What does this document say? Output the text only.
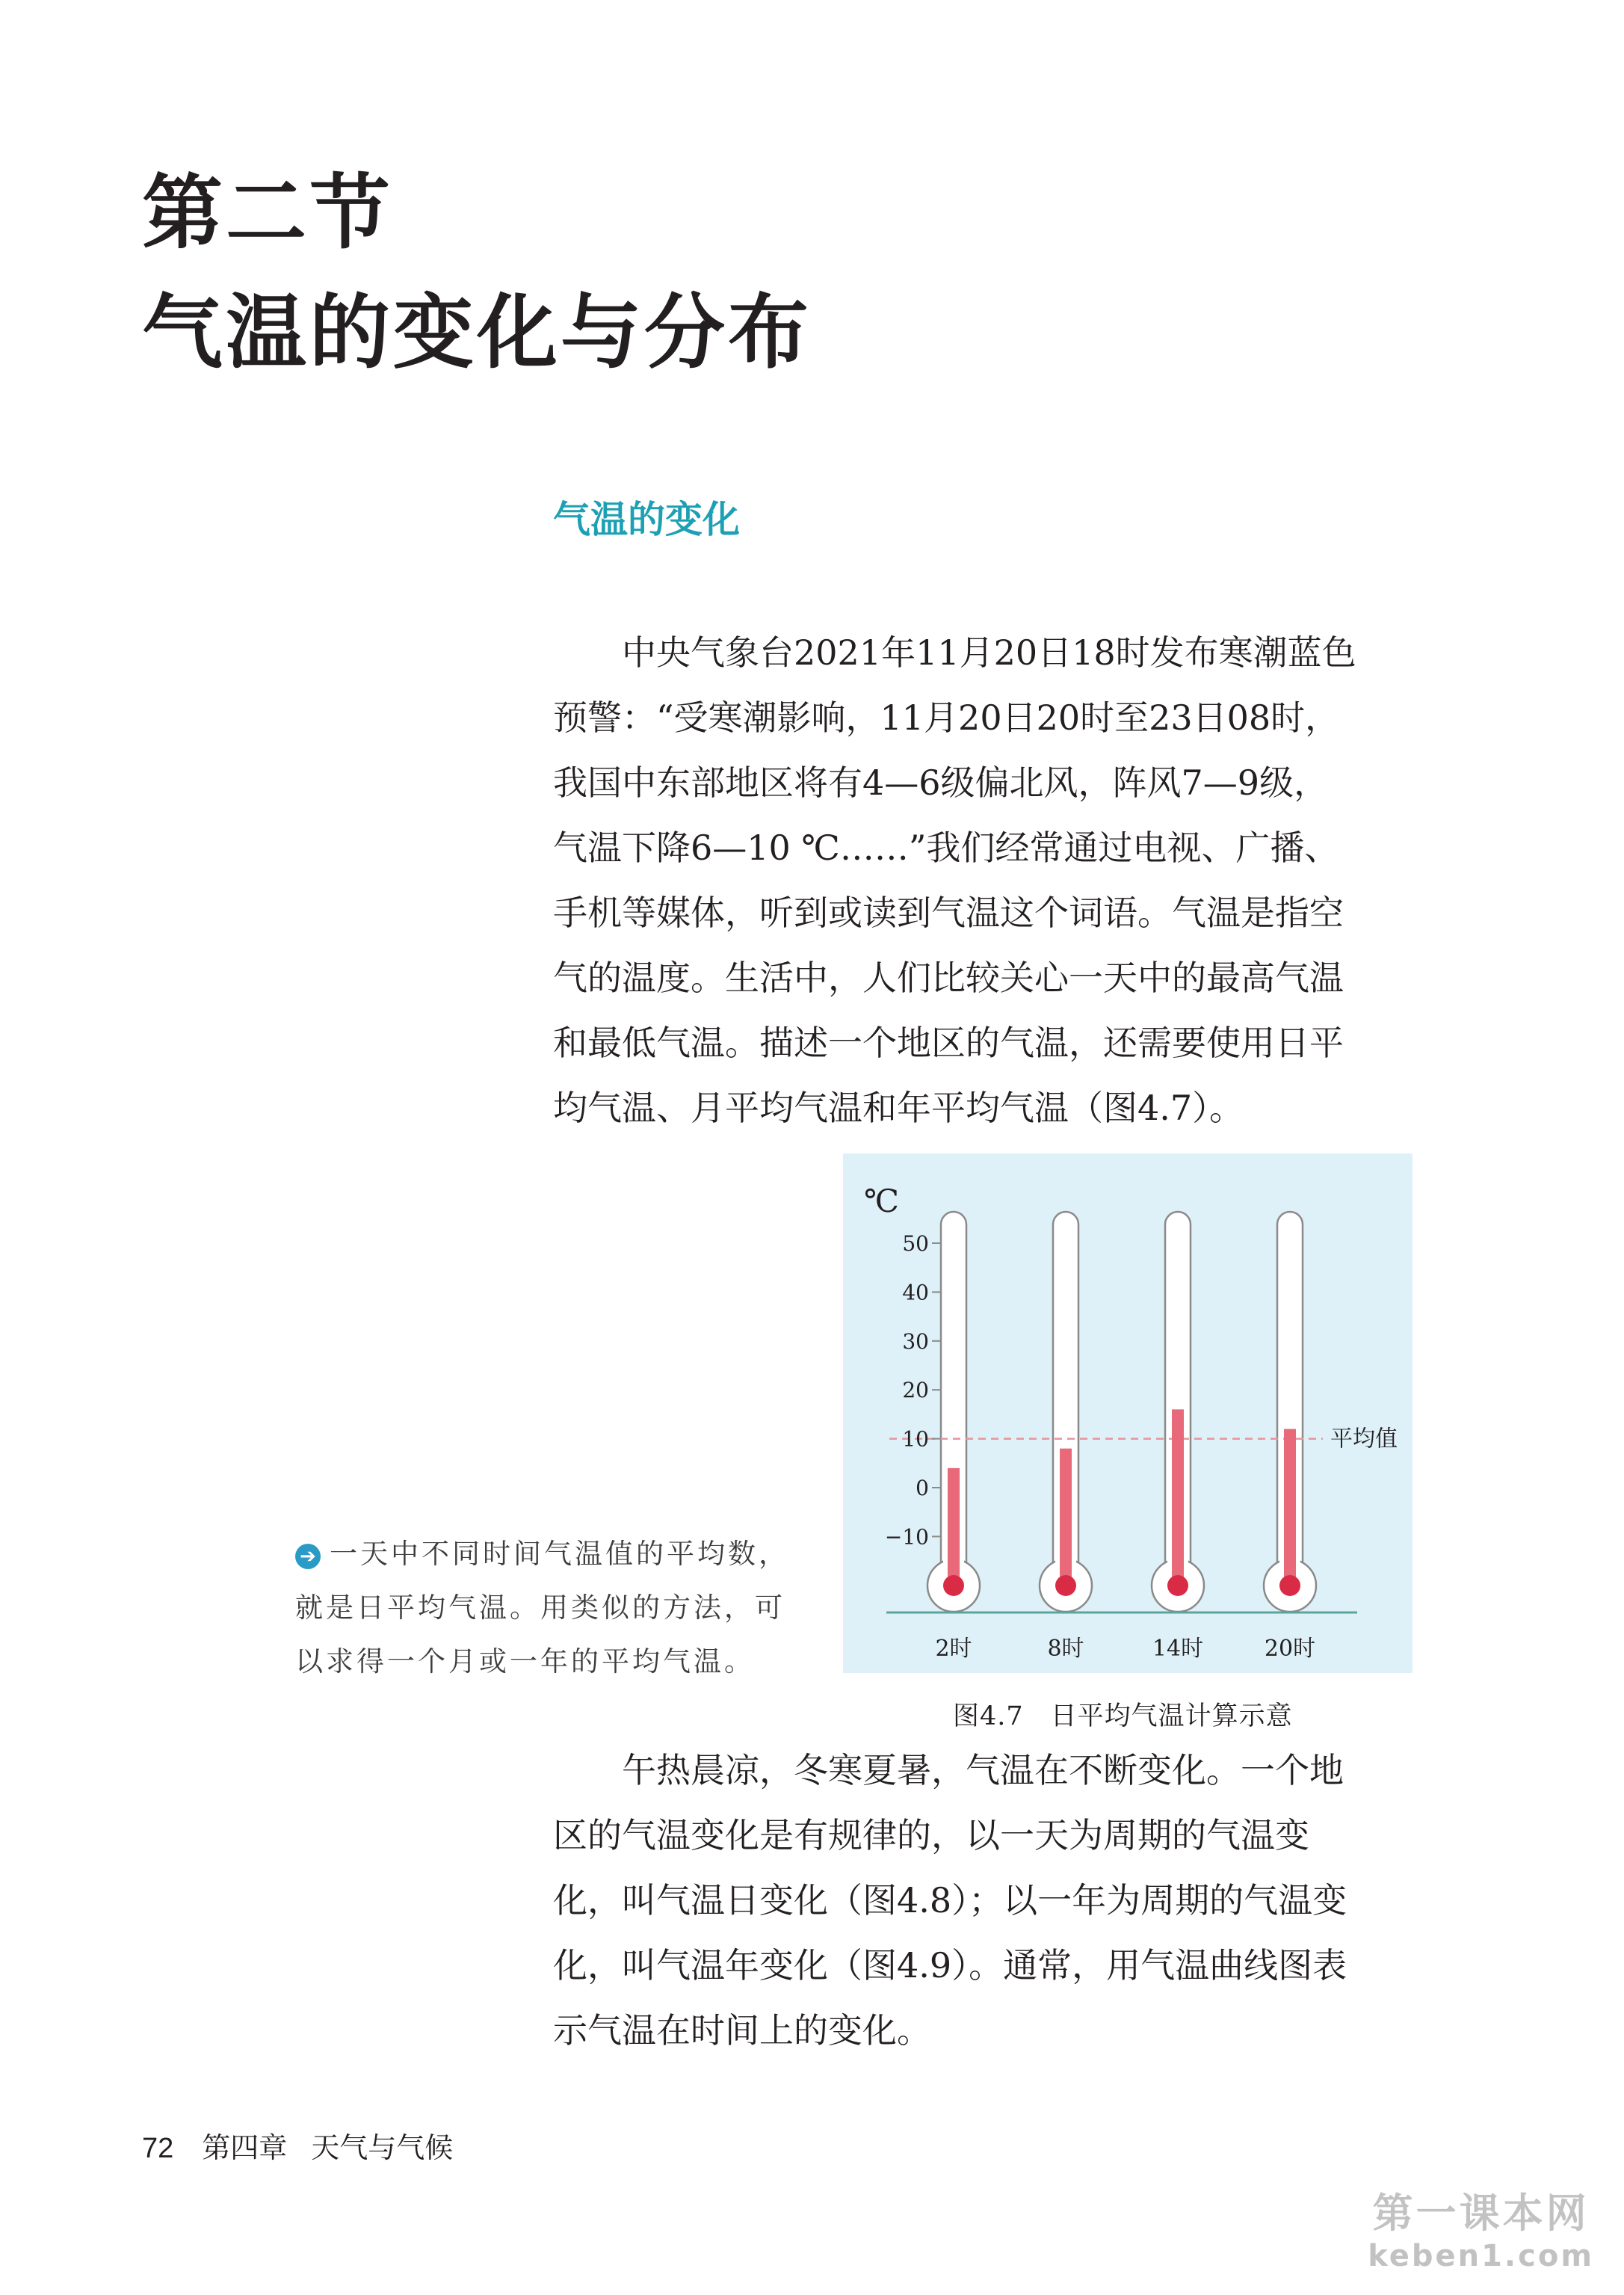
第二节
气温的变化与分布
气温的变化
　　中央气象台2021年11月20日18时发布寒潮蓝色
预警：“受寒潮影响，11月20日20时至23日08时，
我国中东部地区将有4—6级偏北风，阵风7—9级，
气温下降6—10 ℃……”我们经常通过电视、广播、
手机等媒体，听到或读到气温这个词语。气温是指空
气的温度。生活中，人们比较关心一天中的最高气温
和最低气温。描述一个地区的气温，还需要使用日平
均气温、月平均气温和年平均气温（图4.7）。
➔ 一天中不同时间气温值的平均数，
就是日平均气温。用类似的方法，可
以求得一个月或一年的平均气温。
50
40
30
20
10
0
−10
℃
平均值
2时	8时	14时	20时

图4.7　日平均气温计算示意

　　午热晨凉，冬寒夏暑，气温在不断变化。一个地
区的气温变化是有规律的，以一天为周期的气温变
化，叫气温日变化（图4.8）；以一年为周期的气温变
化，叫气温年变化（图4.9）。通常，用气温曲线图表
示气温在时间上的变化。
72 第四章 天气与气候
第一课本网
keben1.com
